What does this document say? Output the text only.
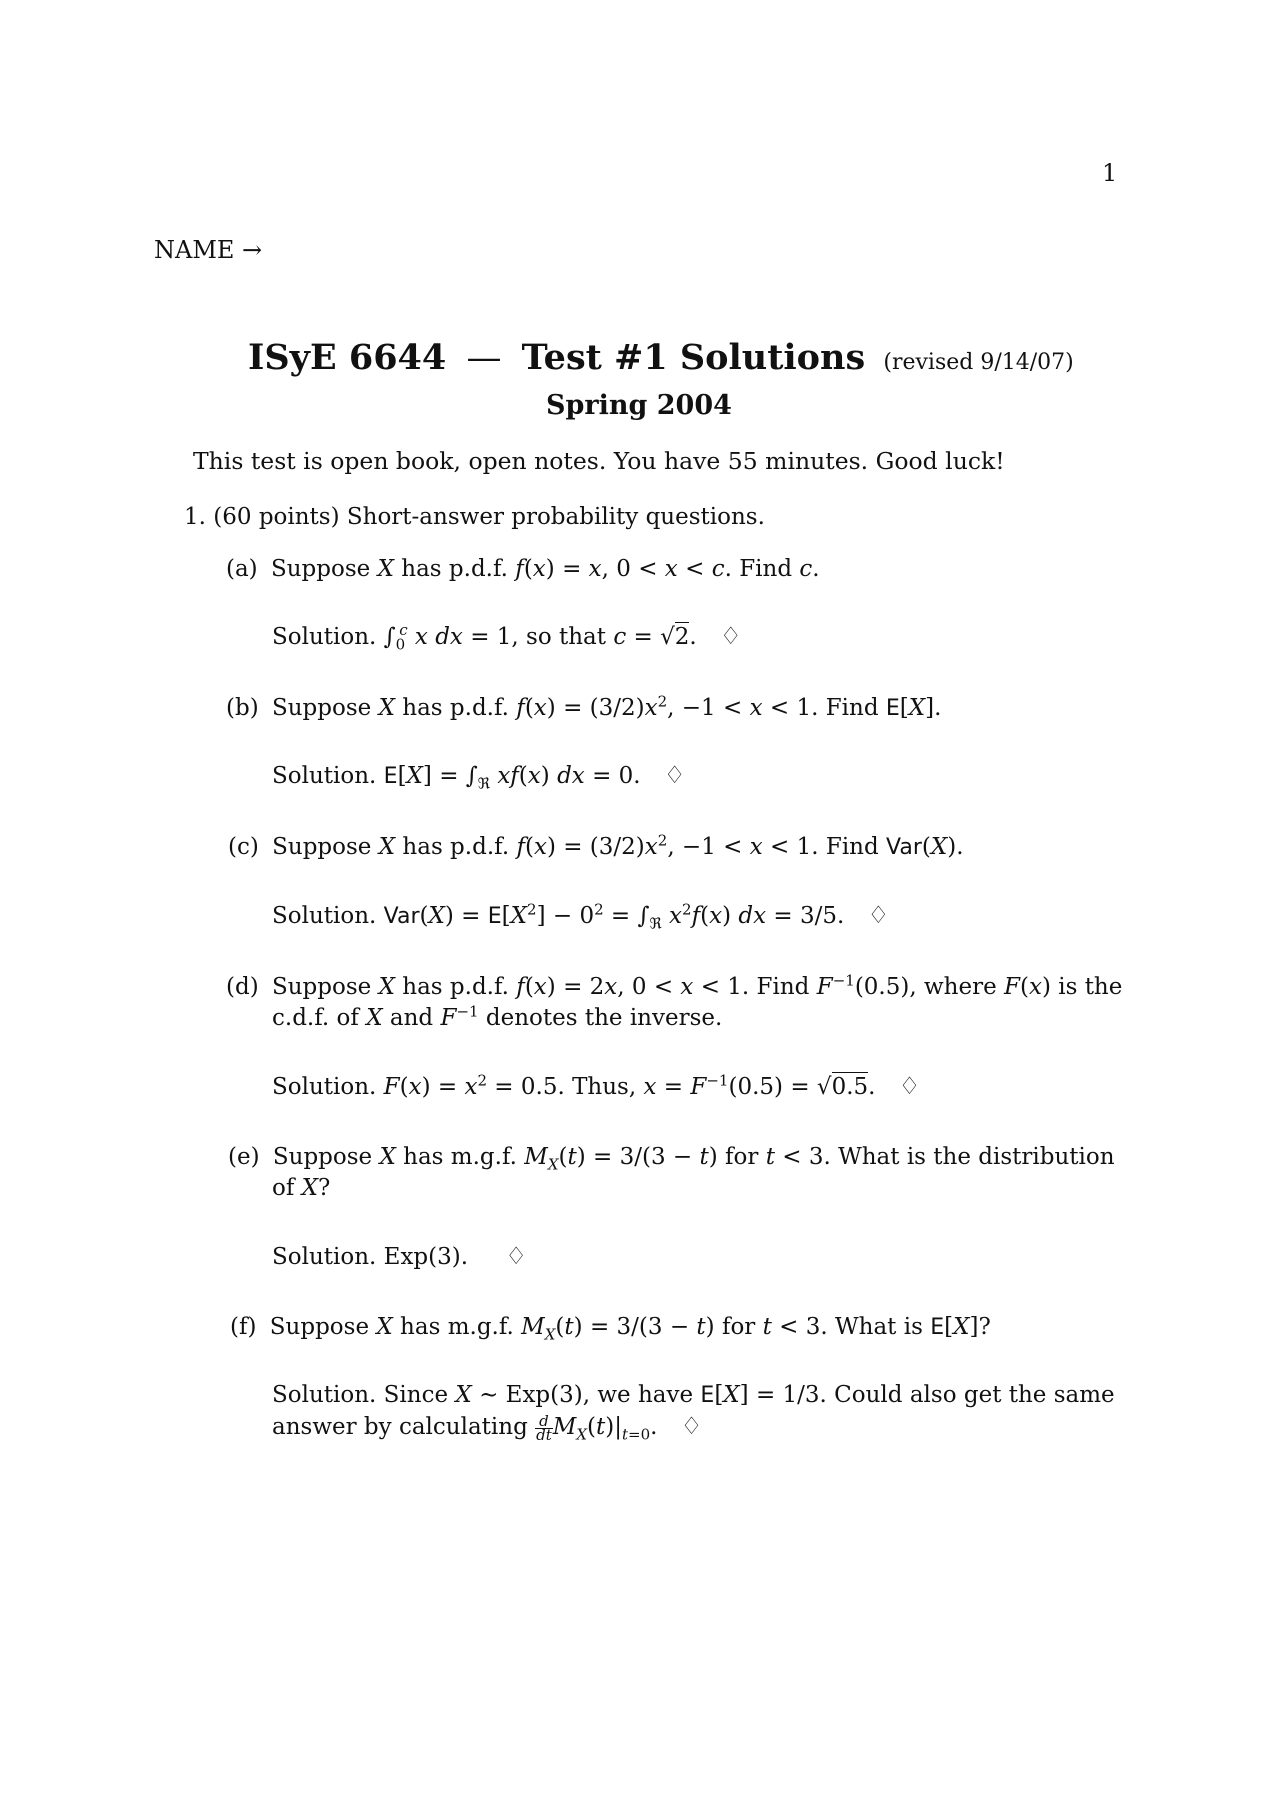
1
NAME →
ISyE 6644 — Test #1 Solutions (revised 9/14/07)
Spring 2004
This test is open book, open notes. You have 55 minutes. Good luck!
1. (60 points) Short-answer probability questions.
(a) Suppose X has p.d.f. f(x) = x, 0 < x < c. Find c.
Solution. $\int_0^c$ x dx = 1, so that c = √2. ♢
(b) Suppose X has p.d.f. $f(x) = (3/2)x^2$, −1 < x < 1. Find E[X].
Solution. $E[X] = \int_ℜ$ xf(x) dx = 0. ♢
(c) Suppose X has p.d.f. $f(x) = (3/2)x^2$, −1 < x < 1. Find Var(X).
Solution. $Var(X) = E[X^2] - 0^2 = \int_ℜ$ $x^2f(x)$ dx = 3/5. ♢
(d) Suppose X has p.d.f. f(x) = 2x, 0 < x < 1. Find $F^{-1}(0.5)$, where F(x) is the
c.d.f. of X and $F^{-1}$ denotes the inverse.
Solution. $F(x) = x^2 = 0.5$. Thus, $x = F^{-1}(0.5) = √0.5$. ♢
(e) Suppose X has m.g.f. $M_X(t) = 3/(3 - t)$ for t < 3. What is the distribution
of X?
Solution. Exp(3). ♢
(f) Suppose X has m.g.f. $M_X(t) = 3/(3 - t)$ for t < 3. What is E[X]?
Solution. Since X ∼ Exp(3), we have E[X] = 1/3. Could also get the same
answer by calculating $\frac{d}{dt} M_X(t)|_{t=0}$. ♢
